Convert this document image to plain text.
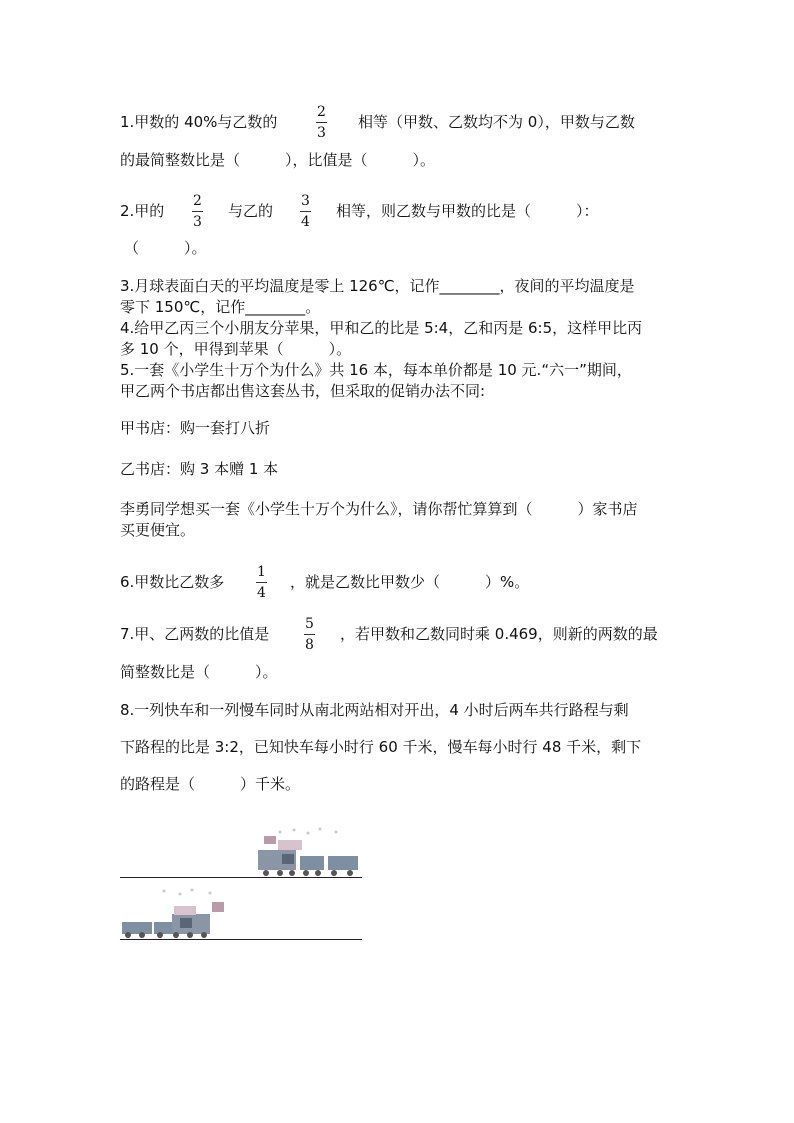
1.甲数的 40%与乙数的
2
3
相等（甲数、乙数均不为 0），甲数与乙数
的最简整数比是（　　　），比值是（　　　）。
2.甲的
2
3
与乙的
3
4
相等，则乙数与甲数的比是（　　　）：
（　　　）。
3.月球表面白天的平均温度是零上 126℃，记作________，夜间的平均温度是
零下 150℃，记作________。
4.给甲乙丙三个小朋友分苹果，甲和乙的比是 5:4，乙和丙是 6:5，这样甲比丙
多 10 个，甲得到苹果（　　　）。
5.一套《小学生十万个为什么》共 16 本，每本单价都是 10 元.“六一”期间，
甲乙两个书店都出售这套丛书，但采取的促销办法不同:
甲书店：购一套打八折
乙书店：购 3 本赠 1 本
李勇同学想买一套《小学生十万个为什么》，请你帮忙算算到（　　　）家书店
买更便宜。
6.甲数比乙数多
1
4
，就是乙数比甲数少（　　　）%。
7.甲、乙两数的比值是
5
8
，若甲数和乙数同时乘 0.469，则新的两数的最
简整数比是（　　　）。
8.一列快车和一列慢车同时从南北两站相对开出，4 小时后两车共行路程与剩
下路程的比是 3:2，已知快车每小时行 60 千米，慢车每小时行 48 千米，剩下
的路程是（　　　）千米。
